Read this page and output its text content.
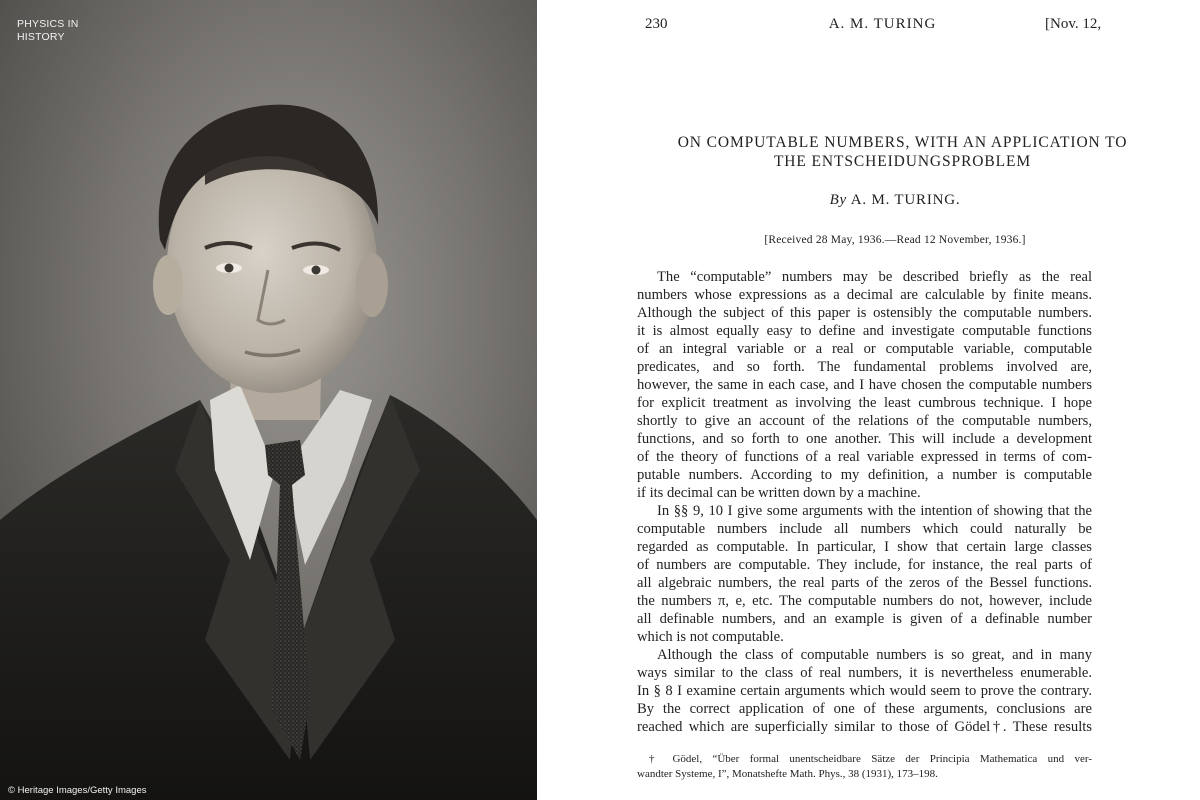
PHYSICS IN
HISTORY
© Heritage Images/Getty Images
230	A. M. TURING	[Nov. 12,
ON COMPUTABLE NUMBERS, WITH AN APPLICATION TO
THE ENTSCHEIDUNGSPROBLEM
By A. M. TURING.
[Received 28 May, 1936.—Read 12 November, 1936.]
The “computable” numbers may be described briefly as the real
numbers whose expressions as a decimal are calculable by finite means.
Although the subject of this paper is ostensibly the computable numbers.
it is almost equally easy to define and investigate computable functions
of an integral variable or a real or computable variable, computable
predicates, and so forth. The fundamental problems involved are,
however, the same in each case, and I have chosen the computable numbers
for explicit treatment as involving the least cumbrous technique. I hope
shortly to give an account of the relations of the computable numbers,
functions, and so forth to one another. This will include a development
of the theory of functions of a real variable expressed in terms of com-
putable numbers. According to my definition, a number is computable
if its decimal can be written down by a machine.
In §§ 9, 10 I give some arguments with the intention of showing that the
computable numbers include all numbers which could naturally be
regarded as computable. In particular, I show that certain large classes
of numbers are computable. They include, for instance, the real parts of
all algebraic numbers, the real parts of the zeros of the Bessel functions.
the numbers π, e, etc. The computable numbers do not, however, include
all definable numbers, and an example is given of a definable number
which is not computable.
Although the class of computable numbers is so great, and in many
ways similar to the class of real numbers, it is nevertheless enumerable.
In § 8 I examine certain arguments which would seem to prove the contrary.
By the correct application of one of these arguments, conclusions are
reached which are superficially similar to those of Gödel†. These results
† Gödel, “Über formal unentscheidbare Sätze der Principia Mathematica und ver-
wandter Systeme, I”, Monatshefte Math. Phys., 38 (1931), 173–198.
